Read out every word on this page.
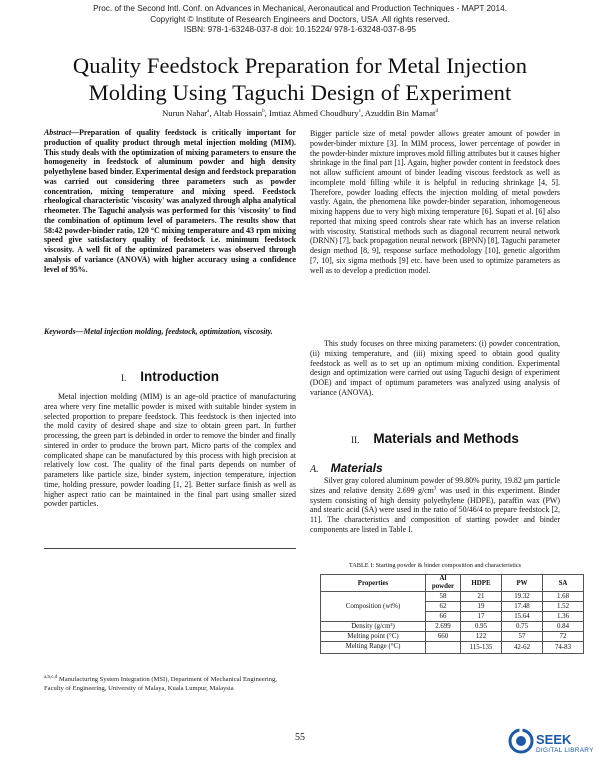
Proc. of the Second Intl. Conf. on Advances in Mechanical, Aeronautical and Production Techniques - MAPT 2014.
Copyright © Institute of Research Engineers and Doctors, USA .All rights reserved.
ISBN: 978-1-63248-037-8 doi: 10.15224/ 978-1-63248-037-8-95
Quality Feedstock Preparation for Metal Injection
Molding Using Taguchi Design of Experiment
Nurun Nahar$^a$, Altab Hossain$^b$, Imtiaz Ahmed Choudhury$^c$, Azuddin Bin Mamat$^d$
Abstract—Preparation of quality feedstock is critically important for production of quality product through metal injection molding (MIM). This study deals with the optimization of mixing parameters to ensure the homogeneity in feedstock of aluminum powder and high density polyethylene based binder. Experimental design and feedstock preparation was carried out considering three parameters such as powder concentration, mixing temperature and mixing speed. Feedstock rheological characteristic 'viscosity' was analyzed through alpha analytical rheometer. The Taguchi analysis was performed for this 'viscosity' to find the combination of optimum level of parameters. The results show that 58:42 powder-binder ratio, 120 °C mixing temperature and 43 rpm mixing speed give satisfactory quality of feedstock i.e. minimum feedstock viscosity. A well fit of the optimized parameters was observed through analysis of variance (ANOVA) with higher accuracy using a confidence level of 95%.
Keywords—Metal injection molding, feedstock, optimization, viscosity.
I. Introduction
Metal injection molding (MIM) is an age-old practice of manufacturing area where very fine metallic powder is mixed with suitable binder system in selected proportion to prepare feedstock. This feedstock is then injected into the mold cavity of desired shape and size to obtain green part. In further processing, the green part is debinded in order to remove the binder and finally sintered in order to produce the brown part. Micro parts of the complex and complicated shape can be manufactured by this process with high precision at relatively low cost. The quality of the final parts depends on number of parameters like particle size, binder system, injection temperature, injection time, holding pressure, powder loading [1, 2]. Better surface finish as well as higher aspect ratio can be maintained in the final part using smaller sized powder particles.
$^{a,b,c,d}$ Manufacturing System Integration (MSI), Department of Mechanical Engineering, Faculty of Engineering, University of Malaya, Kuala Lumpur, Malaysia
Bigger particle size of metal powder allows greater amount of powder in powder-binder mixture [3]. In MIM process, lower percentage of powder in the powder-binder mixture improves mold filling attributes but it causes higher shrinkage in the final part [1]. Again, higher powder content in feedstock does not allow sufficient amount of binder leading viscous feedstock as well as incomplete mold filling while it is helpful in reducing shrinkage [4, 5]. Therefore, powder loading effects the injection molding of metal powders vastly. Again, the phenomena like powder-binder separation, inhomogeneous mixing happens due to very high mixing temperature [6]. Supati et al. [6] also reported that mixing speed controls shear rate which has an inverse relation with viscosity. Statistical methods such as diagonal recurrent neural network (DRNN) [7], back propagation neural network (BPNN) [8], Taguchi parameter design method [8, 9], response surface methodology [10], genetic algorithm [7, 10], six sigma methods [9] etc. have been used to optimize parameters as well as to develop a prediction model.
This study focuses on three mixing parameters: (i) powder concentration, (ii) mixing temperature, and (iii) mixing speed to obtain good quality feedstock as well as to set up an optimum mixing condition. Experimental design and optimization were carried out using Taguchi design of experiment (DOE) and impact of optimum parameters was analyzed using analysis of variance (ANOVA).
II. Materials and Methods
A. Materials
Silver gray colored aluminum powder of 99.80% purity, 19.82 μm particle sizes and relative density 2.699 $g/cm^3$ was used in this experiment. Binder system consisting of high density polyethylene (HDPE), paraffin wax (PW) and stearic acid (SA) were used in the ratio of 50/46/4 to prepare feedstock [2, 11]. The characteristics and composition of starting powder and binder components are listed in Table I.
TABLE I: Starting powder & binder composition and characteristics
Properties	Al powder	HDPE	PW	SA
Composition (wt%)	58	21	19.32	1.68
	62	19	17.48	1.52
	66	17	15.64	1.36
Density (g/cm³)	2.699	0.95	0.75	0.84
Melting point (°C)	660	122	57	72
Melting Range (°C)		115-135	42-62	74-83
55	SEEK
DIGITAL LIBRARY
